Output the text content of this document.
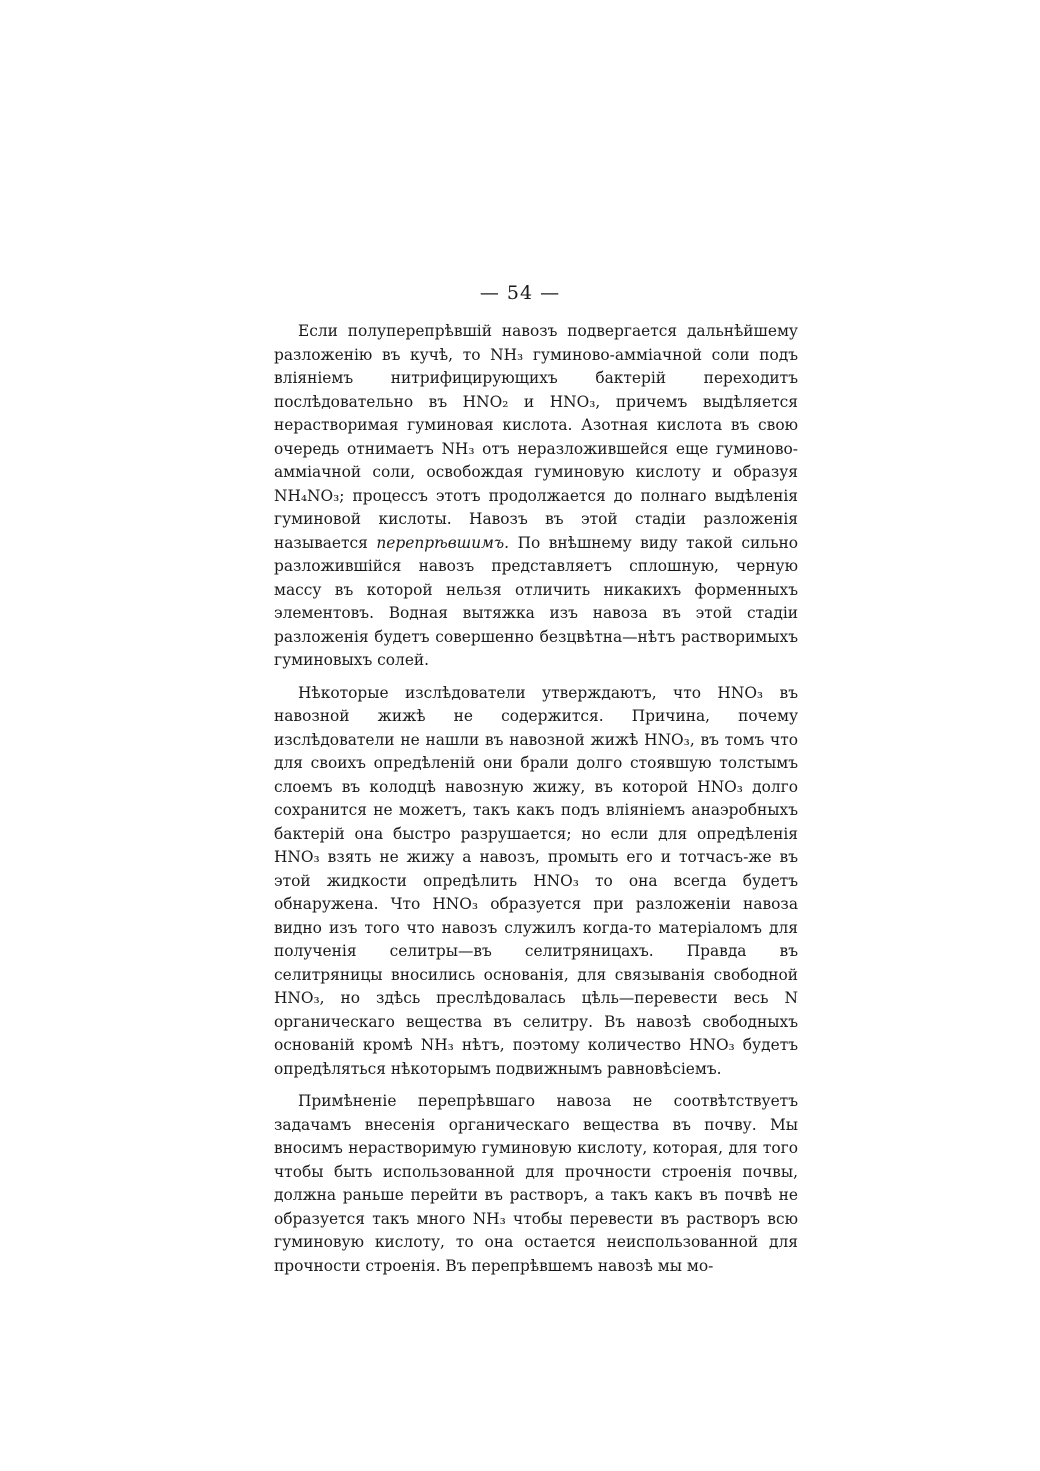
— 54 —

Если полуперепрѣвшій навозъ подвергается дальнѣйшему разложенію въ кучѣ, то NH₃ гуминово-амміачной соли подъ вліяніемъ нитрифицирующихъ бактерій переходитъ послѣдовательно въ HNO₂ и HNO₃, причемъ выдѣляется нерастворимая гуминовая кислота. Азотная кислота въ свою очередь отнимаетъ NH₃ отъ неразложившейся еще гуминово-амміачной соли, освобождая гуминовую кислоту и образуя NH₄NO₃; процессъ этотъ продолжается до полнаго выдѣленія гуминовой кислоты. Навозъ въ этой стадіи разложенія называется перепрѣвшимъ. По внѣшнему виду такой сильно разложившійся навозъ представляетъ сплошную, черную массу въ которой нельзя отличить никакихъ форменныхъ элементовъ. Водная вытяжка изъ навоза въ этой стадіи разложенія будетъ совершенно безцвѣтна—нѣтъ растворимыхъ гуминовыхъ солей.

Нѣкоторые изслѣдователи утверждаютъ, что HNO₃ въ навозной жижѣ не содержится. Причина, почему изслѣдователи не нашли въ навозной жижѣ HNO₃, въ томъ что для своихъ опредѣленій они брали долго стоявшую толстымъ слоемъ въ колодцѣ навозную жижу, въ которой HNO₃ долго сохранится не можетъ, такъ какъ подъ вліяніемъ анаэробныхъ бактерій она быстро разрушается; но если для опредѣленія HNO₃ взять не жижу а навозъ, промыть его и тотчасъ-же въ этой жидкости опредѣлить HNO₃ то она всегда будетъ обнаружена. Что HNO₃ образуется при разложеніи навоза видно изъ того что навозъ служилъ когда-то матеріаломъ для полученія селитры—въ селитряницахъ. Правда въ селитряницы вносились основанія, для связыванія свободной HNO₃, но здѣсь преслѣдовалась цѣль—перевести весь N органическаго вещества въ селитру. Въ навозѣ свободныхъ основаній кромѣ NH₃ нѣтъ, поэтому количество HNO₃ будетъ опредѣляться нѣкоторымъ подвижнымъ равновѣсіемъ.

Примѣненіе перепрѣвшаго навоза не соотвѣтствуетъ задачамъ внесенія органическаго вещества въ почву. Мы вносимъ нерастворимую гуминовую кислоту, которая, для того чтобы быть использованной для прочности строенія почвы, должна раньше перейти въ растворъ, а такъ какъ въ почвѣ не образуется такъ много NH₃ чтобы перевести въ растворъ всю гуминовую кислоту, то она остается неиспользованной для прочности строенія. Въ перепрѣвшемъ навозѣ мы мо-
